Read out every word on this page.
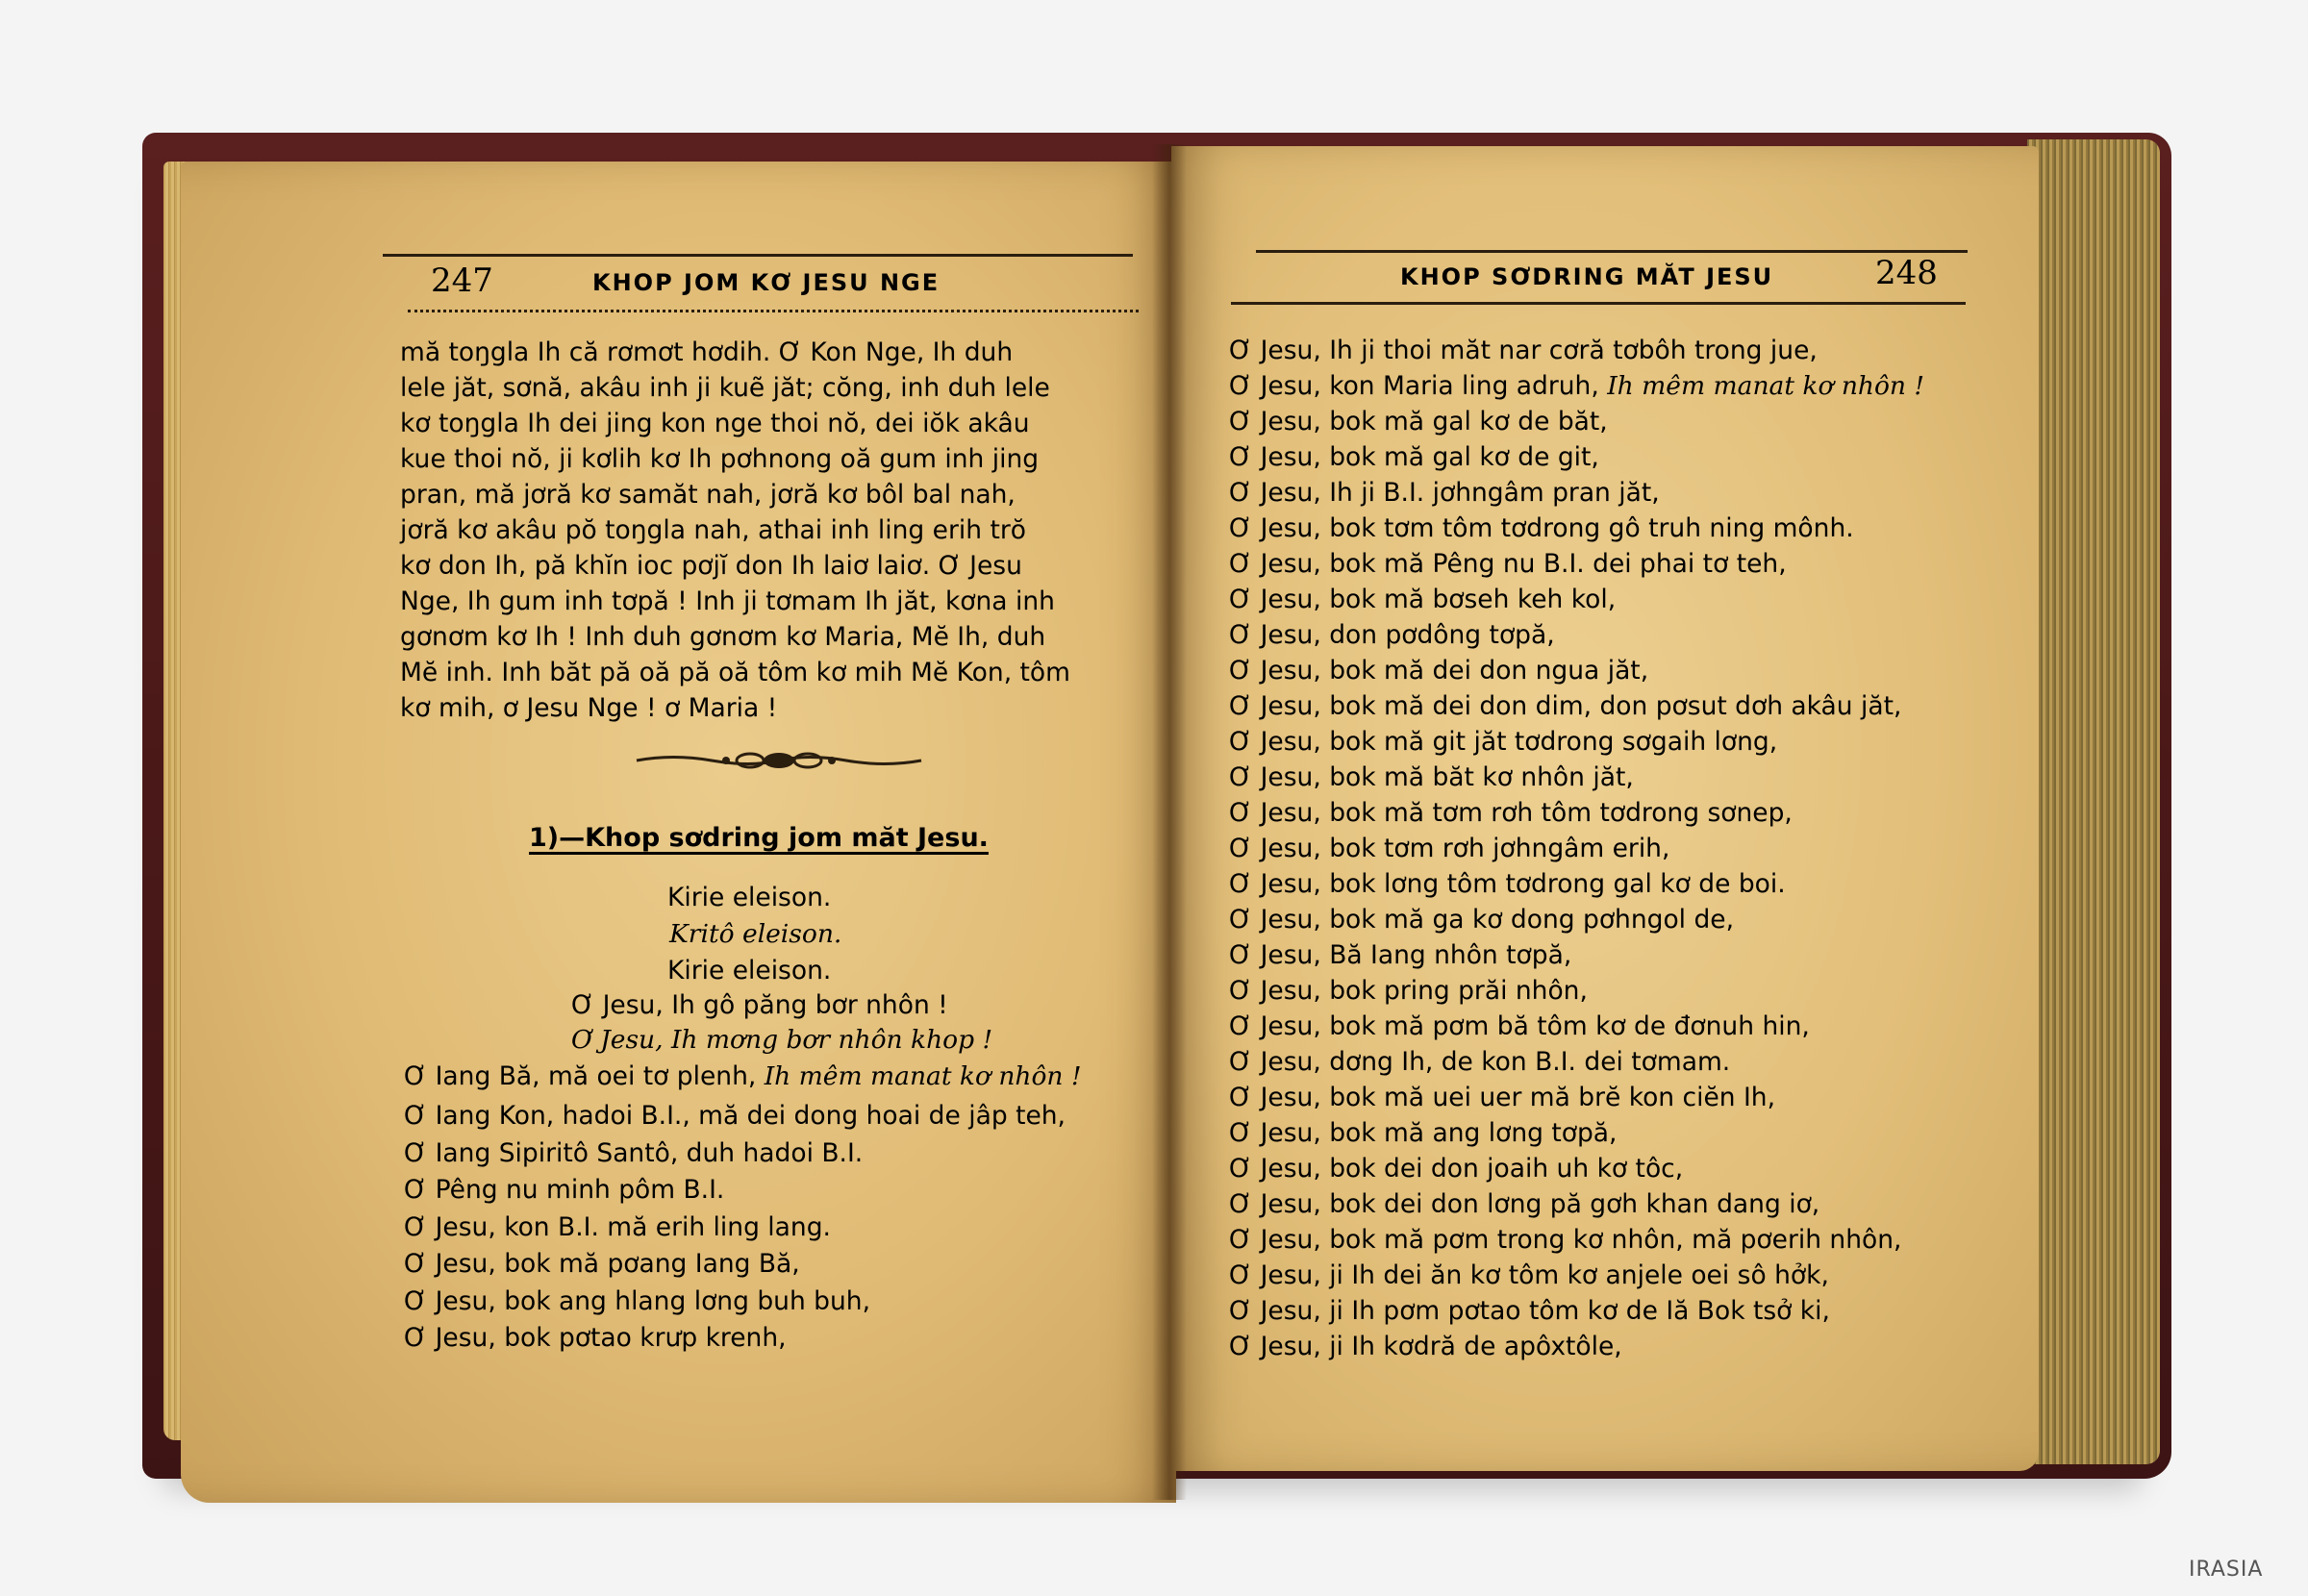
247	KHOP JOM KƠ JESU NGE
mă toŋgla Ih că rơmơt hơdih. Ơ Kon Nge, Ih duh
lele jăt, sơnă, akâu inh ji kuẽ jăt; cŏng, inh duh lele
kơ toŋgla Ih dei jing kon nge thoi nŏ, dei iŏk akâu
kue thoi nŏ, ji kơlih kơ Ih pơhnong oă gum inh jing
pran, mă jơră kơ samăt nah, jơră kơ bôl bal nah,
jơră kơ akâu pŏ toŋgla nah, athai inh ling erih trŏ
kơ don Ih, pă khĭn ioc pơjĭ don Ih laiơ laiơ. Ơ Jesu
Nge, Ih gum inh tơpă ! Inh ji tơmam Ih jăt, kơna inh
gơnơm kơ Ih ! Inh duh gơnơm kơ Maria, Mĕ Ih, duh
Mĕ inh. Inh băt pă oă pă oă tôm kơ mih Mĕ Kon, tôm
kơ mih, ơ Jesu Nge ! ơ Maria !
1)—Khop sơdring jom măt Jesu.
Kirie eleison.
Kritô eleison.
Kirie eleison.
Ơ Jesu, Ih gô păng bơr nhôn !
Ơ Jesu, Ih mơng bơr nhôn khop !
Ơ Iang Bă, mă oei tơ plenh, Ih mêm manat kơ nhôn !
Ơ Iang Kon, hadoi B.I., mă dei dong hoai de jâp teh,
Ơ Iang Sipiritô Santô, duh hadoi B.I.
Ơ Pêng nu minh pôm B.I.
Ơ Jesu, kon B.I. mă erih ling lang.
Ơ Jesu, bok mă pơang Iang Bă,
Ơ Jesu, bok ang hlang lơng buh buh,
Ơ Jesu, bok pơtao krưp krenh,
KHOP SƠDRING MĂT JESU	248
Ơ Jesu, Ih ji thoi măt nar cơră tơbôh trong jue,
Ơ Jesu, kon Maria ling adruh, Ih mêm manat kơ nhôn !
Ơ Jesu, bok mă gal kơ de băt,
Ơ Jesu, bok mă gal kơ de git,
Ơ Jesu, Ih ji B.I. jơhngâm pran jăt,
Ơ Jesu, bok tơm tôm tơdrong gô truh ning mônh.
Ơ Jesu, bok mă Pêng nu B.I. dei phai tơ teh,
Ơ Jesu, bok mă bơseh keh kol,
Ơ Jesu, don pơdông tơpă,
Ơ Jesu, bok mă dei don ngua jăt,
Ơ Jesu, bok mă dei don dim, don pơsut dơh akâu jăt,
Ơ Jesu, bok mă git jăt tơdrong sơgaih lơng,
Ơ Jesu, bok mă băt kơ nhôn jăt,
Ơ Jesu, bok mă tơm rơh tôm tơdrong sơnep,
Ơ Jesu, bok tơm rơh jơhngâm erih,
Ơ Jesu, bok lơng tôm tơdrong gal kơ de boi.
Ơ Jesu, bok mă ga kơ dong pơhngol de,
Ơ Jesu, Bă Iang nhôn tơpă,
Ơ Jesu, bok pring prăi nhôn,
Ơ Jesu, bok mă pơm bă tôm kơ de đơnuh hin,
Ơ Jesu, dơng Ih, de kon B.I. dei tơmam.
Ơ Jesu, bok mă uei uer mă brĕ kon ciĕn Ih,
Ơ Jesu, bok mă ang lơng tơpă,
Ơ Jesu, bok dei don joaih uh kơ tôc,
Ơ Jesu, bok dei don lơng pă gơh khan dang iơ,
Ơ Jesu, bok mă pơm trong kơ nhôn, mă pơerih nhôn,
Ơ Jesu, ji Ih dei ăn kơ tôm kơ anjele oei sô hởk,
Ơ Jesu, ji Ih pơm pơtao tôm kơ de Iă Bok tsở ki,
Ơ Jesu, ji Ih kơdră de apôxtôle,
IRASIA
